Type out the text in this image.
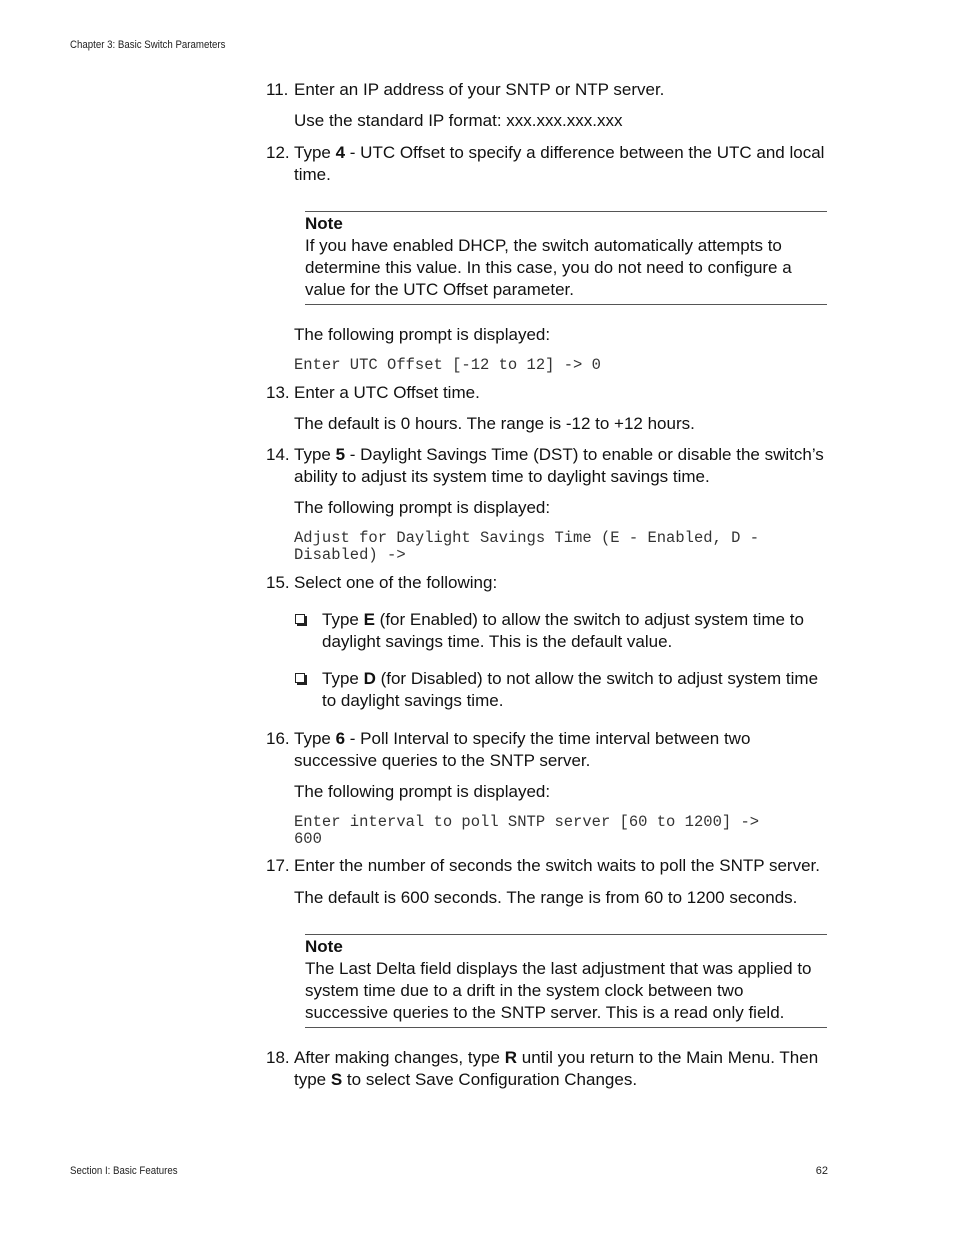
Chapter 3: Basic Switch Parameters
11. Enter an IP address of your SNTP or NTP server.
Use the standard IP format: xxx.xxx.xxx.xxx
12. Type 4 - UTC Offset to specify a difference between the UTC and local time.
Note
If you have enabled DHCP, the switch automatically attempts to determine this value. In this case, you do not need to configure a value for the UTC Offset parameter.
The following prompt is displayed:
Enter UTC Offset [-12 to 12] -> 0
13. Enter a UTC Offset time.
The default is 0 hours. The range is -12 to +12 hours.
14. Type 5 - Daylight Savings Time (DST) to enable or disable the switch’s ability to adjust its system time to daylight savings time.
The following prompt is displayed:
Adjust for Daylight Savings Time (E - Enabled, D -
Disabled) ->
15. Select one of the following:
Type E (for Enabled) to allow the switch to adjust system time to daylight savings time. This is the default value.
Type D (for Disabled) to not allow the switch to adjust system time to daylight savings time.
16. Type 6 - Poll Interval to specify the time interval between two successive queries to the SNTP server.
The following prompt is displayed:
Enter interval to poll SNTP server [60 to 1200] ->
600
17. Enter the number of seconds the switch waits to poll the SNTP server.
The default is 600 seconds. The range is from 60 to 1200 seconds.
Note
The Last Delta field displays the last adjustment that was applied to system time due to a drift in the system clock between two successive queries to the SNTP server. This is a read only field.
18. After making changes, type R until you return to the Main Menu. Then type S to select Save Configuration Changes.
Section I: Basic Features	62
